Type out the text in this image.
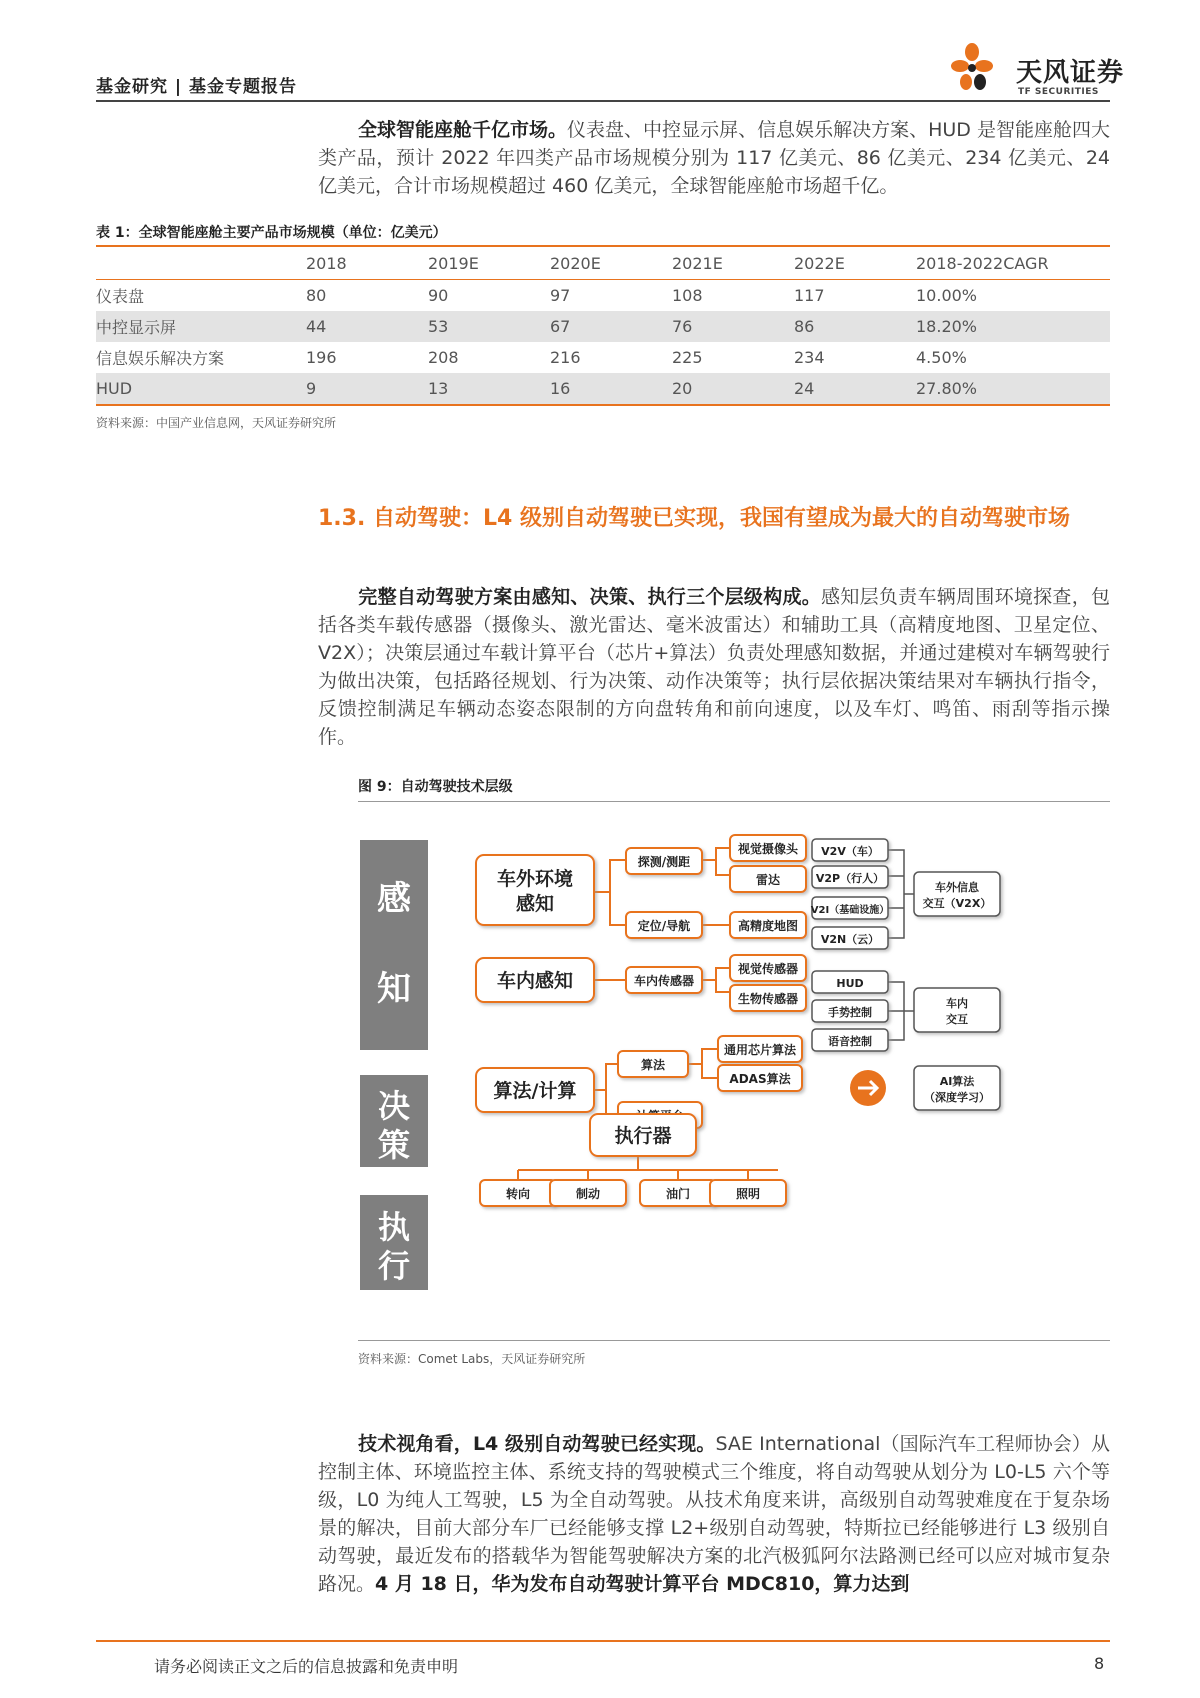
基金研究 | 基金专题报告	天风证券
TF SECURITIES
全球智能座舱千亿市场。仪表盘、中控显示屏、信息娱乐解决方案、HUD 是智能座舱四大类产品，预计 2022 年四类产品市场规模分别为 117 亿美元、86 亿美元、234 亿美元、24 亿美元，合计市场规模超过 460 亿美元，全球智能座舱市场超千亿。
表 1：全球智能座舱主要产品市场规模（单位：亿美元）
	2018	2019E	2020E	2021E	2022E	2018-2022CAGR
仪表盘	80	90	97	108	117	10.00%
中控显示屏	44	53	67	76	86	18.20%
信息娱乐解决方案	196	208	216	225	234	4.50%
HUD	9	13	16	20	24	27.80%
资料来源：中国产业信息网，天风证券研究所
1.3. 自动驾驶：L4 级别自动驾驶已实现，我国有望成为最大的自动驾驶市场
完整自动驾驶方案由感知、决策、执行三个层级构成。感知层负责车辆周围环境探查，包括各类车载传感器（摄像头、激光雷达、毫米波雷达）和辅助工具（高精度地图、卫星定位、V2X）；决策层通过车载计算平台（芯片+算法）负责处理感知数据，并通过建模对车辆驾驶行为做出决策，包括路径规划、行为决策、动作决策等；执行层依据决策结果对车辆执行指令，反馈控制满足车辆动态姿态限制的方向盘转角和前向速度，以及车灯、鸣笛、雨刮等指示操作。
图 9：自动驾驶技术层级
感
知
决
策
执
行
车外环境
感知
探测/测距
视觉摄像头
雷达
定位/导航	高精度地图
车内感知	车内传感器
视觉传感器
生物传感器
算法/计算
算法
通用芯片算法
ADAS算法
执行器
转向	制动	油门	照明
V2V（车）
V2P（行人）
V2I（基础设施）
V2N（云）
车外信息
交互（V2X）
HUD
手势控制
语音控制
车内
交互
AI算法
（深度学习）
资料来源：Comet Labs，天风证券研究所
技术视角看，L4 级别自动驾驶已经实现。SAE International（国际汽车工程师协会）从控制主体、环境监控主体、系统支持的驾驶模式三个维度，将自动驾驶从划分为 L0-L5 六个等级，L0 为纯人工驾驶，L5 为全自动驾驶。从技术角度来讲，高级别自动驾驶难度在于复杂场景的解决，目前大部分车厂已经能够支撑 L2+级别自动驾驶，特斯拉已经能够进行 L3 级别自动驾驶，最近发布的搭载华为智能驾驶解决方案的北汽极狐阿尔法路测已经可以应对城市复杂路况。4 月 18 日，华为发布自动驾驶计算平台 MDC810，算力达到
请务必阅读正文之后的信息披露和免责申明	8
